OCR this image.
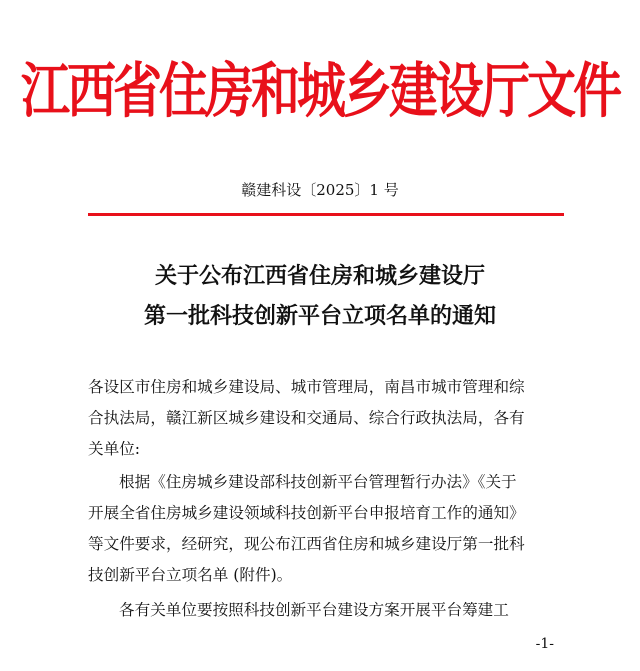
江西省住房和城乡建设厅文件
赣建科设〔2025〕1 号
关于公布江西省住房和城乡建设厅
第一批科技创新平台立项名单的通知
各设区市住房和城乡建设局、城市管理局，南昌市城市管理和综
合执法局，赣江新区城乡建设和交通局、综合行政执法局，各有
关单位:
根据《住房城乡建设部科技创新平台管理暂行办法》《关于
开展全省住房城乡建设领域科技创新平台申报培育工作的通知》
等文件要求，经研究，现公布江西省住房和城乡建设厅第一批科
技创新平台立项名单 (附件)。
各有关单位要按照科技创新平台建设方案开展平台筹建工
-1-
